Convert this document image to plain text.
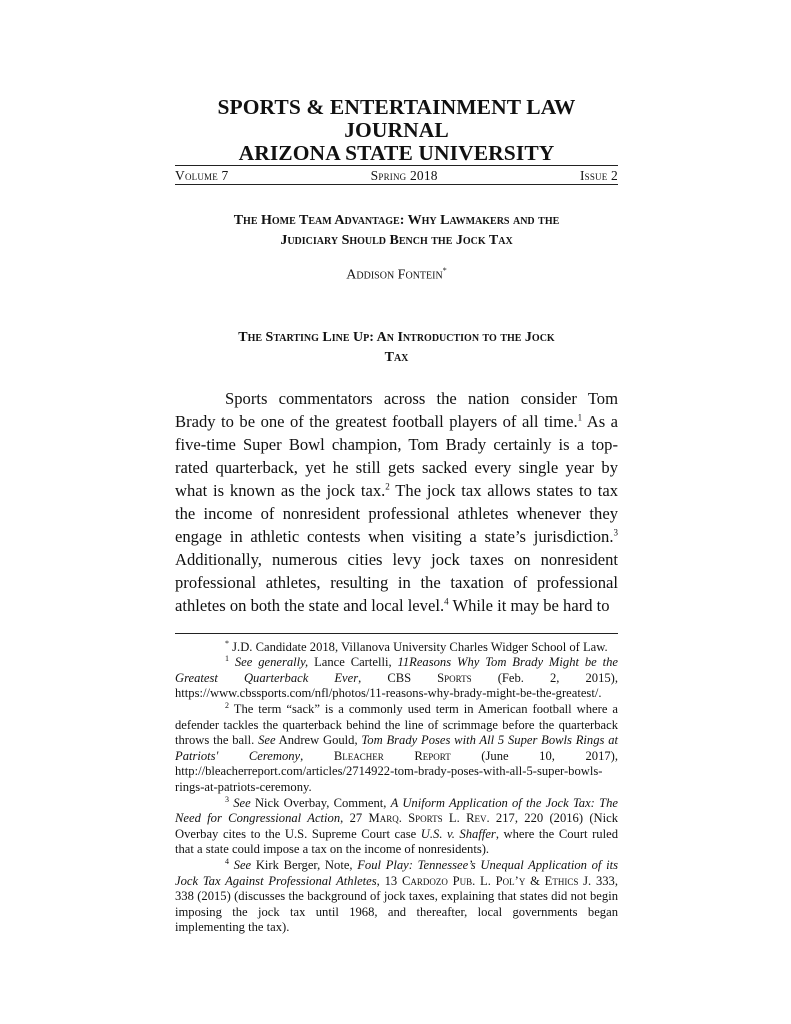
SPORTS & ENTERTAINMENT LAW JOURNAL
ARIZONA STATE UNIVERSITY
Volume 7	Spring 2018	Issue 2
The Home Team Advantage: Why Lawmakers and the
Judiciary Should Bench the Jock Tax
Addison Fontein*
The Starting Line Up: An Introduction to the Jock
Tax

Sports commentators across the nation consider Tom Brady to be one of the greatest football players of all time.$^1$ As a five-time Super Bowl champion, Tom Brady certainly is a top-rated quarterback, yet he still gets sacked every single year by what is known as the jock tax.$^2$ The jock tax allows states to tax the income of nonresident professional athletes whenever they engage in athletic contests when visiting a state’s jurisdiction.$^3$ Additionally, numerous cities levy jock taxes on nonresident professional athletes, resulting in the taxation of professional athletes on both the state and local level.$^4$ While it may be hard to

* J.D. Candidate 2018, Villanova University Charles Widger School of Law.

$^1$ See generally, Lance Cartelli, 11Reasons Why Tom Brady Might be the Greatest Quarterback Ever, CBS Sports (Feb. 2, 2015), https://www.cbssports.com/nfl/photos/11-reasons-why-brady-might-be-the-greatest/.

$^2$ The term “sack” is a commonly used term in American football where a defender tackles the quarterback behind the line of scrimmage before the quarterback throws the ball. See Andrew Gould, Tom Brady Poses with All 5 Super Bowls Rings at Patriots' Ceremony, Bleacher Report (June 10, 2017), http://bleacherreport.com/articles/2714922-tom-brady-poses-with-all-5-super-bowls-rings-at-patriots-ceremony.

$^3$ See Nick Overbay, Comment, A Uniform Application of the Jock Tax: The Need for Congressional Action, 27 Marq. Sports L. Rev. 217, 220 (2016) (Nick Overbay cites to the U.S. Supreme Court case U.S. v. Shaffer, where the Court ruled that a state could impose a tax on the income of nonresidents).

$^4$ See Kirk Berger, Note, Foul Play: Tennessee’s Unequal Application of its Jock Tax Against Professional Athletes, 13 Cardozo Pub. L. Pol’y & Ethics J. 333, 338 (2015) (discusses the background of jock taxes, explaining that states did not begin imposing the jock tax until 1968, and thereafter, local governments began implementing the tax).
